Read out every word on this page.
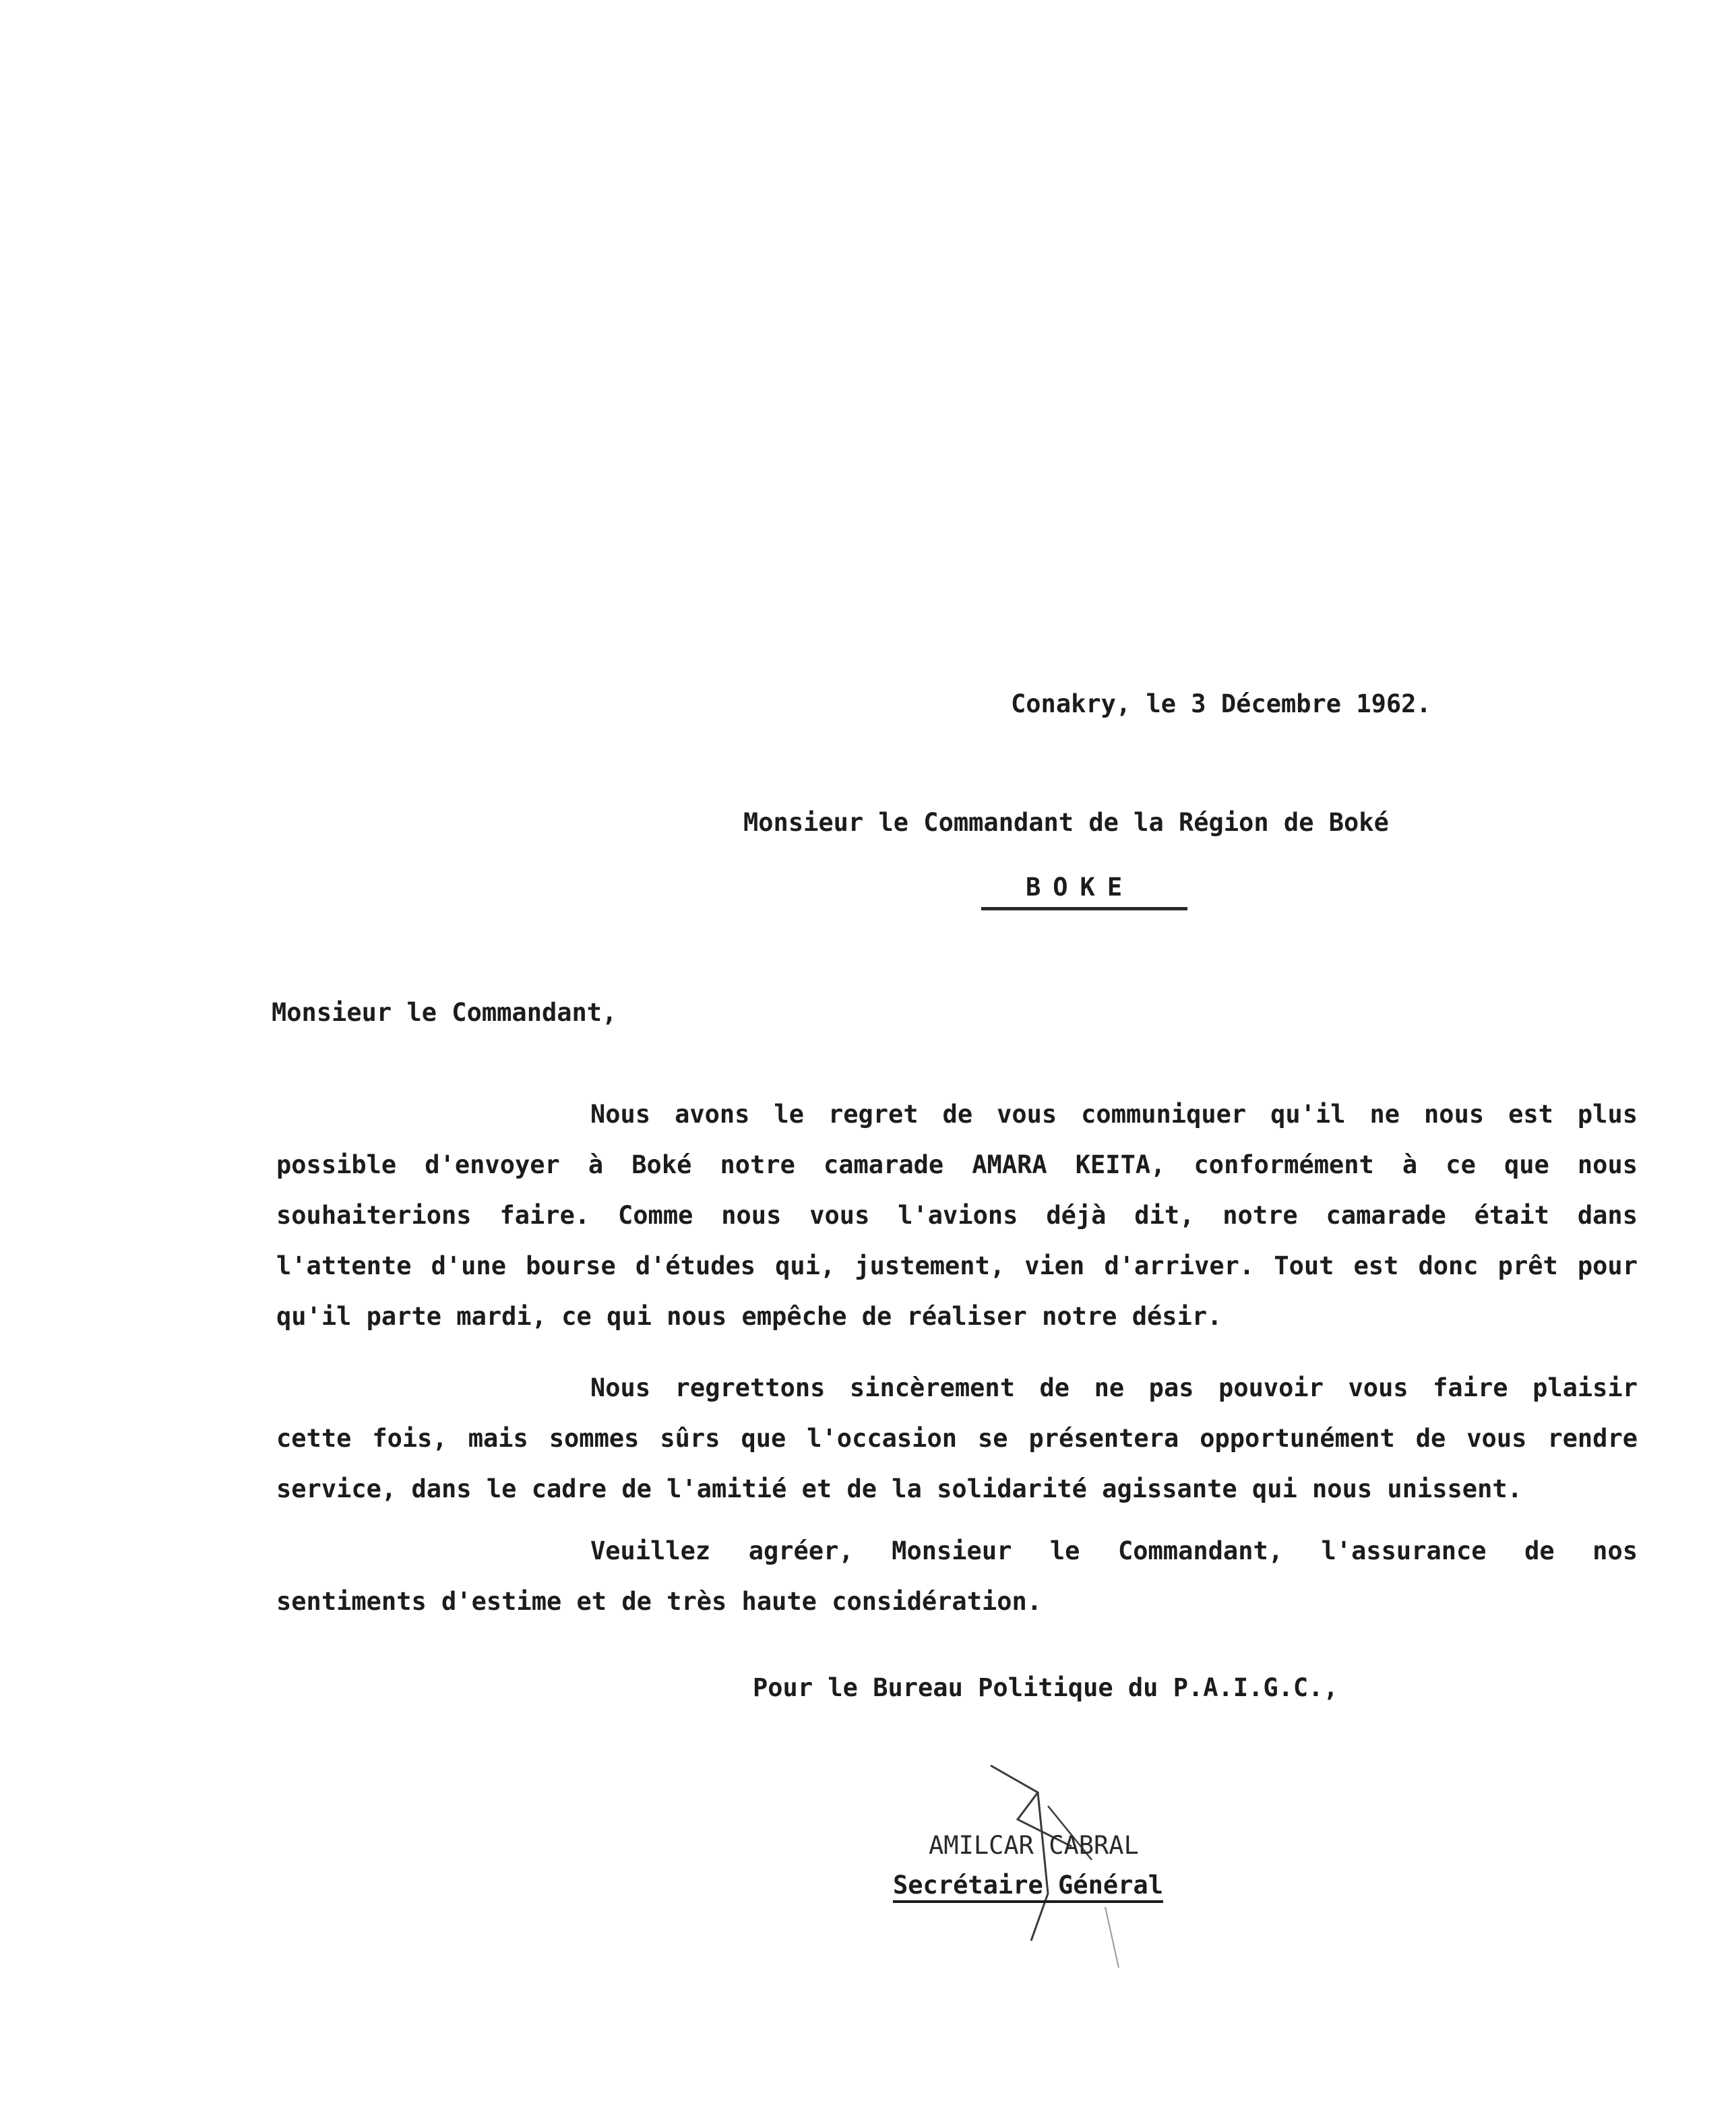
Conakry, le 3 Décembre 1962.
Monsieur le Commandant de la Région de Boké
BOKE
Monsieur le Commandant,
Nous avons le regret de vous communiquer qu'il ne nous est plus possible d'envoyer à Boké notre camarade AMARA KEITA, conformément à ce que nous souhaiterions faire. Comme nous vous l'avions déjà dit, notre camarade était dans l'attente d'une bourse d'études qui, justement, vien d'arriver. Tout est donc prêt pour qu'il parte mardi, ce qui nous empêche de réaliser notre désir.
Nous regrettons sincèrement de ne pas pouvoir vous faire plaisir cette fois, mais sommes sûrs que l'occasion se présentera opportunément de vous rendre service, dans le cadre de l'amitié et de la solidarité agissante qui nous unissent.
Veuillez agréer, Monsieur le Commandant, l'assurance de nos sentiments d'estime et de très haute considération.
Pour le Bureau Politique du P.A.I.G.C.,
AMILCAR CABRAL
Secrétaire Général
